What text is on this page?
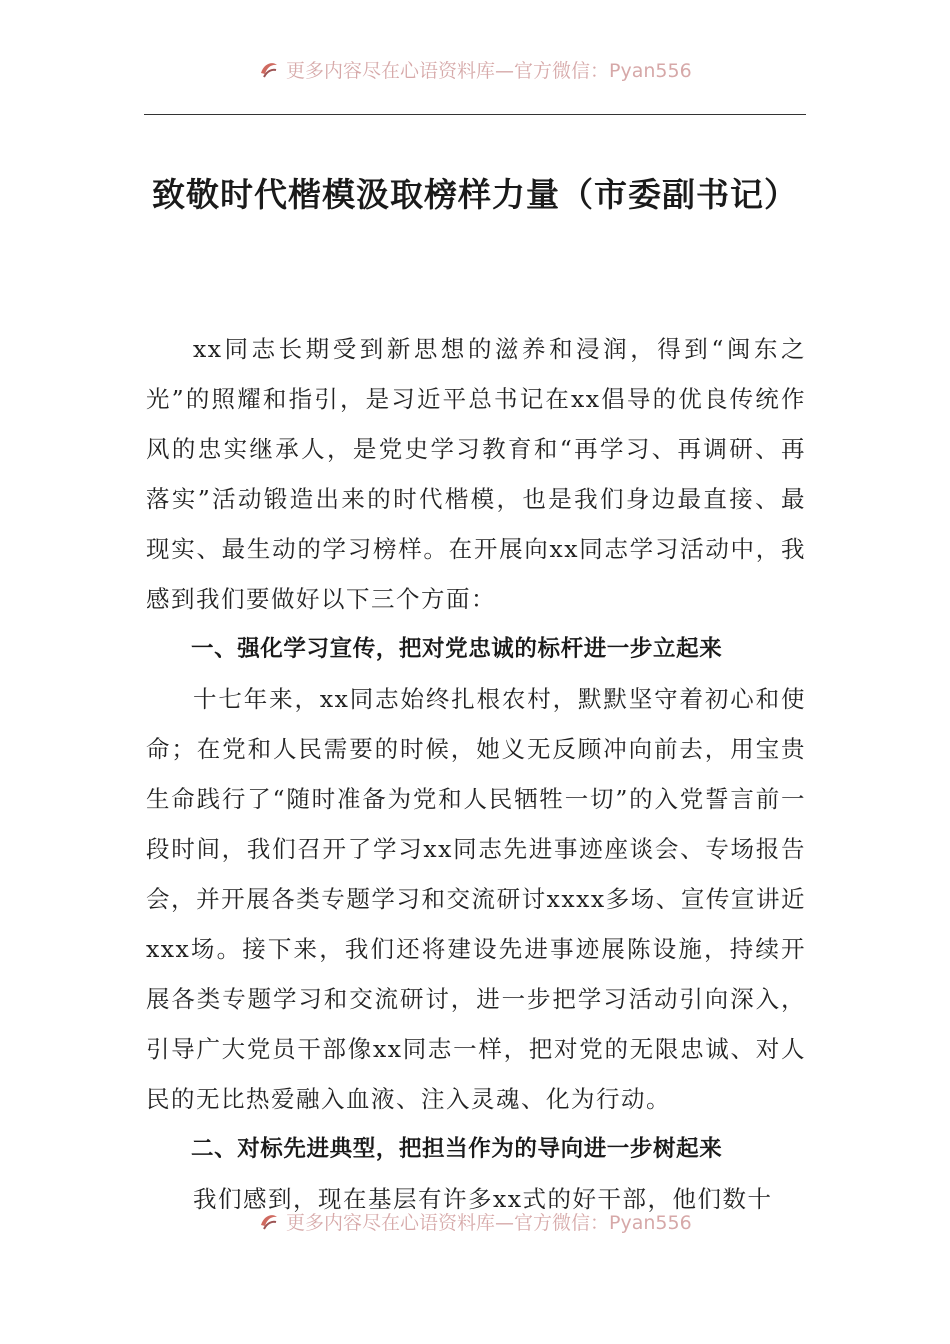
更多内容尽在心语资料库—官方微信：Pyan556
致敬时代楷模汲取榜样力量（市委副书记）

xx同志长期受到新思想的滋养和浸润，得到“闽东之光”的照耀和指引，是习近平总书记在xx倡导的优良传统作风的忠实继承人，是党史学习教育和“再学习、再调研、再落实”活动锻造出来的时代楷模，也是我们身边最直接、最现实、最生动的学习榜样。在开展向xx同志学习活动中，我感到我们要做好以下三个方面：

一、强化学习宣传，把对党忠诚的标杆进一步立起来

十七年来，xx同志始终扎根农村，默默坚守着初心和使命；在党和人民需要的时候，她义无反顾冲向前去，用宝贵生命践行了“随时准备为党和人民牺牲一切”的入党誓言前一段时间，我们召开了学习xx同志先进事迹座谈会、专场报告会，并开展各类专题学习和交流研讨xxxx多场、宣传宣讲近xxx场。接下来，我们还将建设先进事迹展陈设施，持续开展各类专题学习和交流研讨，进一步把学习活动引向深入，引导广大党员干部像xx同志一样，把对党的无限忠诚、对人民的无比热爱融入血液、注入灵魂、化为行动。

二、对标先进典型，把担当作为的导向进一步树起来

我们感到，现在基层有许多xx式的好干部，他们数十

更多内容尽在心语资料库—官方微信：Pyan556
